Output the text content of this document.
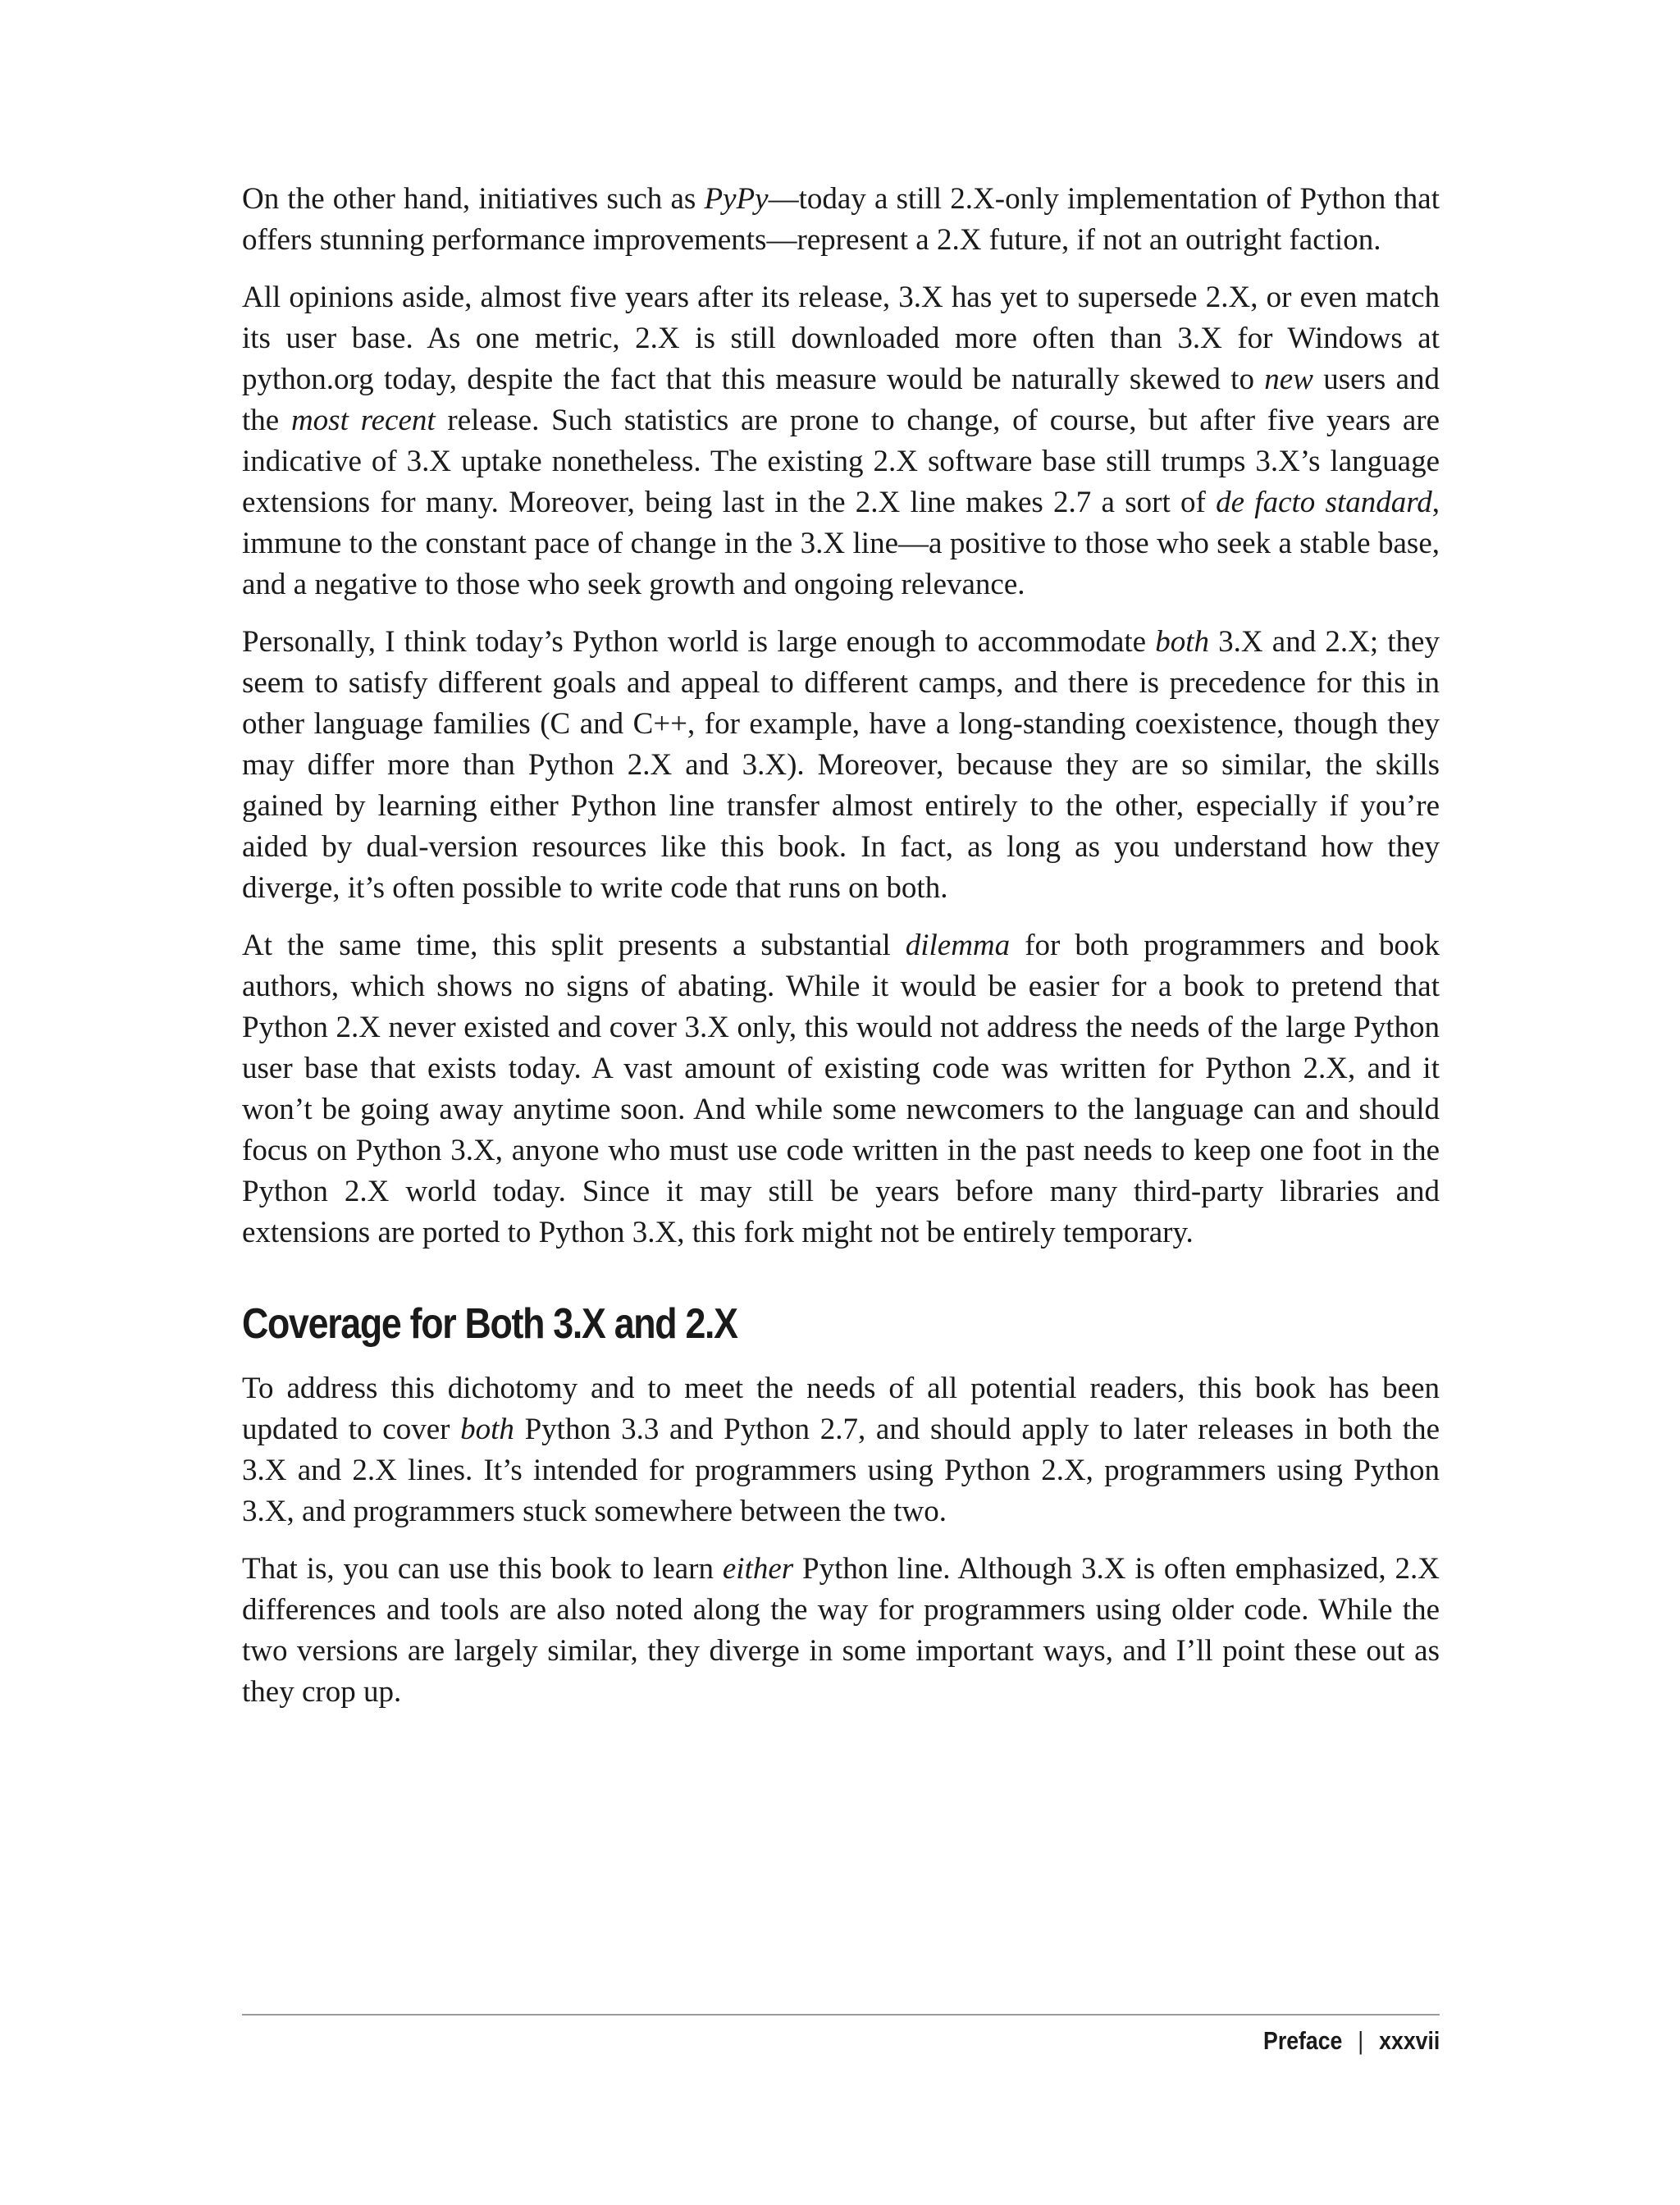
On the other hand, initiatives such as PyPy—today a still 2.X-only implementation of Python that offers stunning performance improvements—represent a 2.X future, if not an outright faction.

All opinions aside, almost five years after its release, 3.X has yet to supersede 2.X, or even match its user base. As one metric, 2.X is still downloaded more often than 3.X for Windows at python.org today, despite the fact that this measure would be naturally skewed to new users and the most recent release. Such statistics are prone to change, of course, but after five years are indicative of 3.X uptake nonetheless. The existing 2.X software base still trumps 3.X’s language extensions for many. Moreover, being last in the 2.X line makes 2.7 a sort of de facto standard, immune to the constant pace of change in the 3.X line—a positive to those who seek a stable base, and a negative to those who seek growth and ongoing relevance.

Personally, I think today’s Python world is large enough to accommodate both 3.X and 2.X; they seem to satisfy different goals and appeal to different camps, and there is precedence for this in other language families (C and C++, for example, have a long-standing coexistence, though they may differ more than Python 2.X and 3.X). Moreover, because they are so similar, the skills gained by learning either Python line transfer almost entirely to the other, especially if you’re aided by dual-version resources like this book. In fact, as long as you understand how they diverge, it’s often possible to write code that runs on both.

At the same time, this split presents a substantial dilemma for both programmers and book authors, which shows no signs of abating. While it would be easier for a book to pretend that Python 2.X never existed and cover 3.X only, this would not address the needs of the large Python user base that exists today. A vast amount of existing code was written for Python 2.X, and it won’t be going away anytime soon. And while some newcomers to the language can and should focus on Python 3.X, anyone who must use code written in the past needs to keep one foot in the Python 2.X world today. Since it may still be years before many third-party libraries and extensions are ported to Python 3.X, this fork might not be entirely temporary.

Coverage for Both 3.X and 2.X

To address this dichotomy and to meet the needs of all potential readers, this book has been updated to cover both Python 3.3 and Python 2.7, and should apply to later releases in both the 3.X and 2.X lines. It’s intended for programmers using Python 2.X, programmers using Python 3.X, and programmers stuck somewhere between the two.

That is, you can use this book to learn either Python line. Although 3.X is often emphasized, 2.X differences and tools are also noted along the way for programmers using older code. While the two versions are largely similar, they diverge in some important ways, and I’ll point these out as they crop up.

Preface | xxxvii
